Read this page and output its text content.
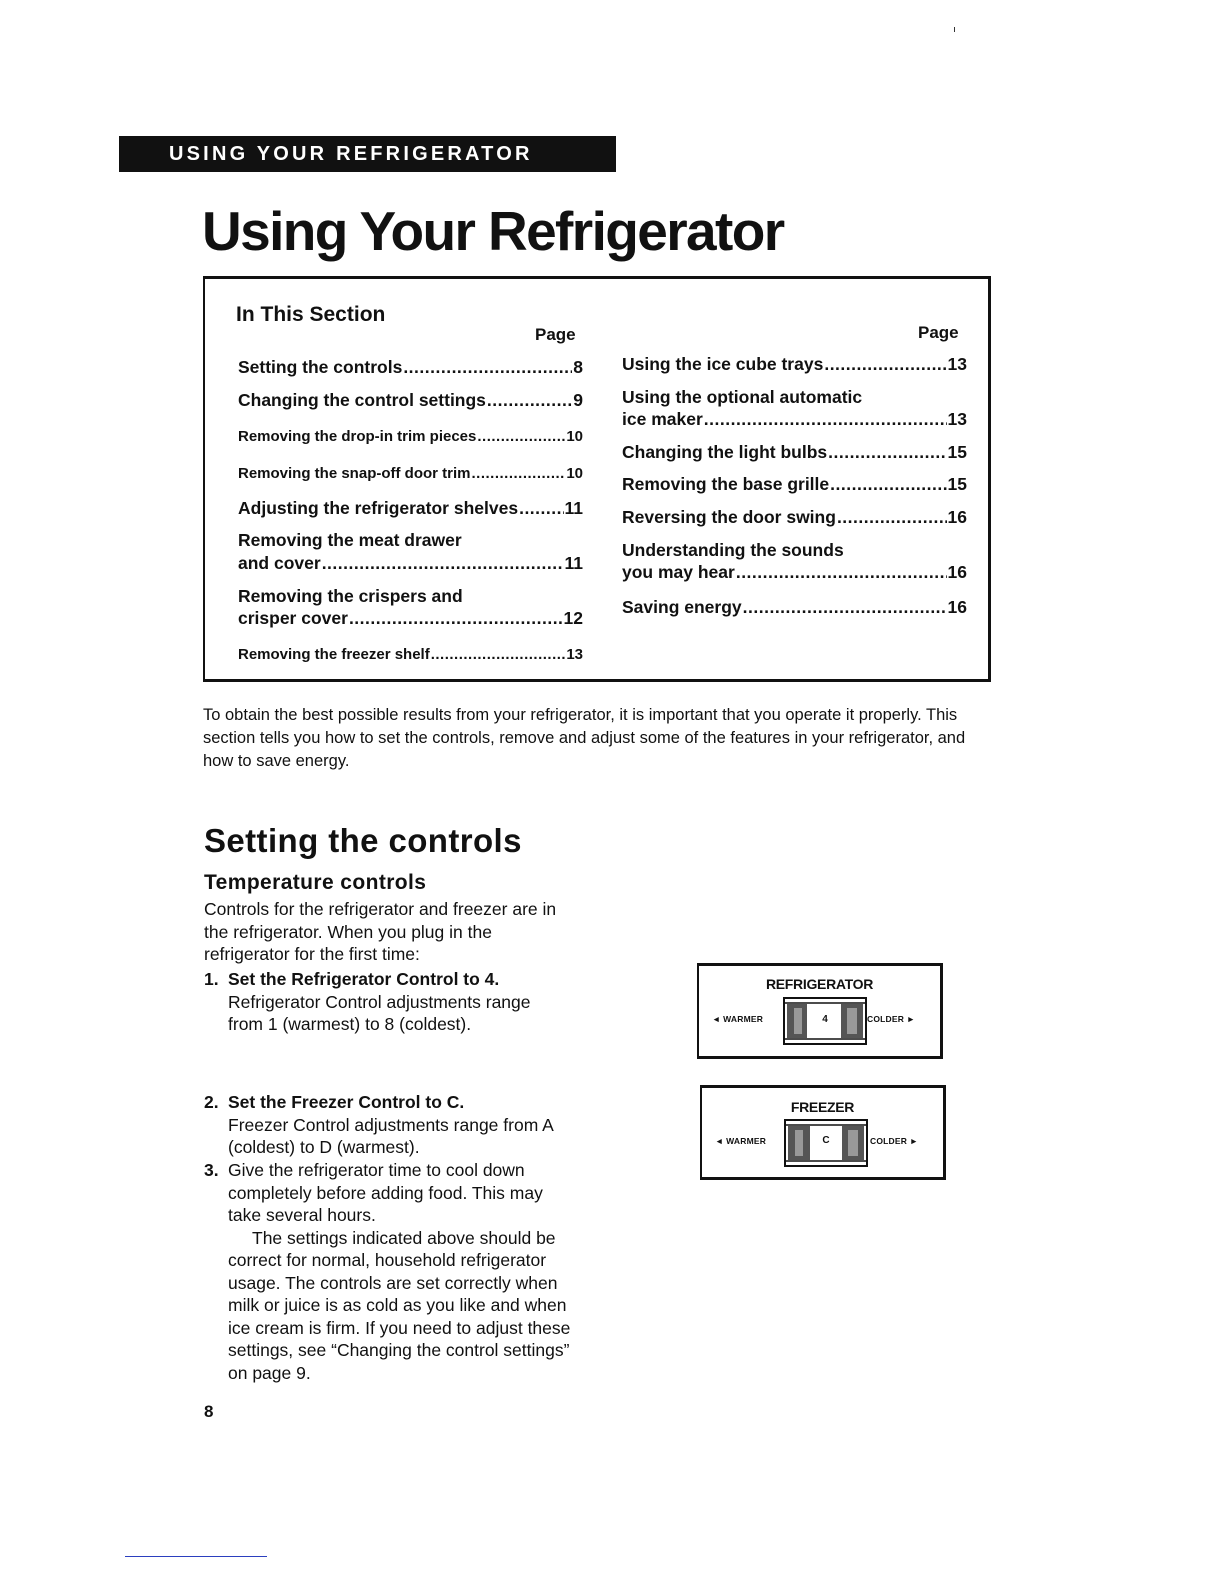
USING YOUR REFRIGERATOR
Using Your Refrigerator
In This Section
Page	Page
Setting the controls .....	8
Changing the control settings .....	9
Removing the drop-in trim pieces .....	10
Removing the snap-off door trim .....	10
Adjusting the refrigerator shelves .....	11
Removing the meat drawer
and cover .....	11
Removing the crispers and
crisper cover .....	12
Removing the freezer shelf .....	13
Using the ice cube trays .....	13
Using the optional automatic
ice maker .....	13
Changing the light bulbs .....	15
Removing the base grille .....	15
Reversing the door swing .....	16
Understanding the sounds
you may hear .....	16
Saving energy .....	16

To obtain the best possible results from your refrigerator, it is important that you operate it properly. This section tells you how to set the controls, remove and adjust some of the features in your refrigerator, and how to save energy.

Setting the controls
Temperature controls

Controls for the refrigerator and freezer are in the refrigerator. When you plug in the refrigerator for the first time:

1. Set the Refrigerator Control to 4.
Refrigerator Control adjustments range from 1 (warmest) to 8 (coldest).
2. Set the Freezer Control to C.
Freezer Control adjustments range from A (coldest) to D (warmest).
3. Give the refrigerator time to cool down completely before adding food. This may take several hours.
The settings indicated above should be correct for normal, household refrigerator usage. The controls are set correctly when milk or juice is as cold as you like and when ice cream is firm. If you need to adjust these settings, see “Changing the control settings” on page 9.
REFRIGERATOR
◄ WARMER	COLDER ►
4
FREEZER
◄ WARMER	COLDER ►
C
8
